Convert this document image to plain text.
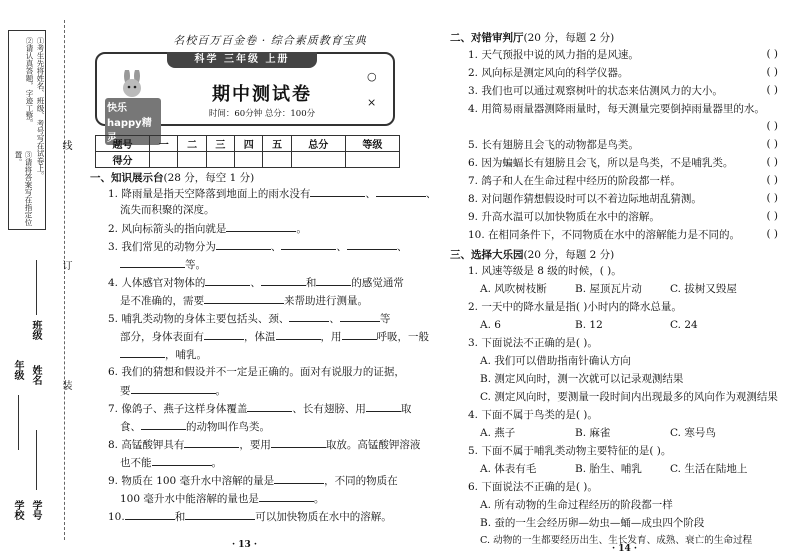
①考生先将姓名、班级、考号写在试卷上。
②请认真答题，字迹工整。
③请将答案写在指定位置。
班级
年级 姓名
学校 学号
线
订
装
名校百万百金卷 · 综合素质教育宝典
科学 三年级 上册
快乐happy精灵
期中测试卷
时间：60分钟 总分：100分
○
×
题号	一	二	三	四	五	总分	等级
得分							
一、知识展示台(28 分，每空 1 分)
1. 降雨量是指天空降落到地面上的雨水没有	、	、
流失而积聚的深度。
2. 风向标箭头的指向就是	。
3. 我们常见的动物分为	、	、	、
等。
4. 人体感官对物体的	、	和	的感觉通常
是不准确的，需要	来帮助进行测量。
5. 哺乳类动物的身体主要包括头、颈、	、	等
部分，身体表面有	，体温	，用	呼吸，一般
，哺乳。
6. 我们的猜想和假设并不一定是正确的。面对有说服力的证据，
要	。
7. 像鸽子、燕子这样身体覆盖	、长有翅膀、用	取
食、	的动物叫作鸟类。
8. 高锰酸钾具有	，要用	取放。高锰酸钾溶液
也不能	。
9. 物质在 100 毫升水中溶解的量是	，不同的物质在
100 毫升水中能溶解的量也是	。
10.	和	可以加快物质在水中的溶解。
· 13 ·
二、对错审判厅(20 分，每题 2 分)
1. 天气预报中说的风力指的是风速。	( )
2. 风向标是测定风向的科学仪器。	( )
3. 我们也可以通过观察树叶的状态来估测风力的大小。	( )
4. 用简易雨量器测降雨量时，每天测量完要倒掉雨量器里的水。
( )
5. 长有翅膀且会飞的动物都是鸟类。	( )
6. 因为蝙蝠长有翅膀且会飞，所以是鸟类，不是哺乳类。	( )
7. 鸽子和人在生命过程中经历的阶段都一样。	( )
8. 对问题作猜想假设时可以不着边际地胡乱猜测。	( )
9. 升高水温可以加快物质在水中的溶解。	( )
10. 在相同条件下，不同物质在水中的溶解能力是不同的。	( )
三、选择大乐园(20 分，每题 2 分)
1. 风速等级是 8 级的时候，( )。
A. 风吹树枝断	B. 屋顶瓦片动	C. 拔树又毁屋
2. 一天中的降水量是指( )小时内的降水总量。
A. 6	B. 12	C. 24
3. 下面说法不正确的是( )。
A. 我们可以借助指南针确认方向
B. 测定风向时，测一次就可以记录观测结果
C. 测定风向时，要测量一段时间内出现最多的风向作为观测结果
4. 下面不属于鸟类的是( )。
A. 燕子	B. 麻雀	C. 寒号鸟
5. 下面不属于哺乳类动物主要特征的是( )。
A. 体表有毛	B. 胎生、哺乳	C. 生活在陆地上
6. 下面说法不正确的是( )。
A. 所有动物的生命过程经历的阶段都一样
B. 蚕的一生会经历卵—幼虫—蛹—成虫四个阶段
C. 动物的一生都要经历出生、生长发育、成熟、衰亡的生命过程
· 14 ·
